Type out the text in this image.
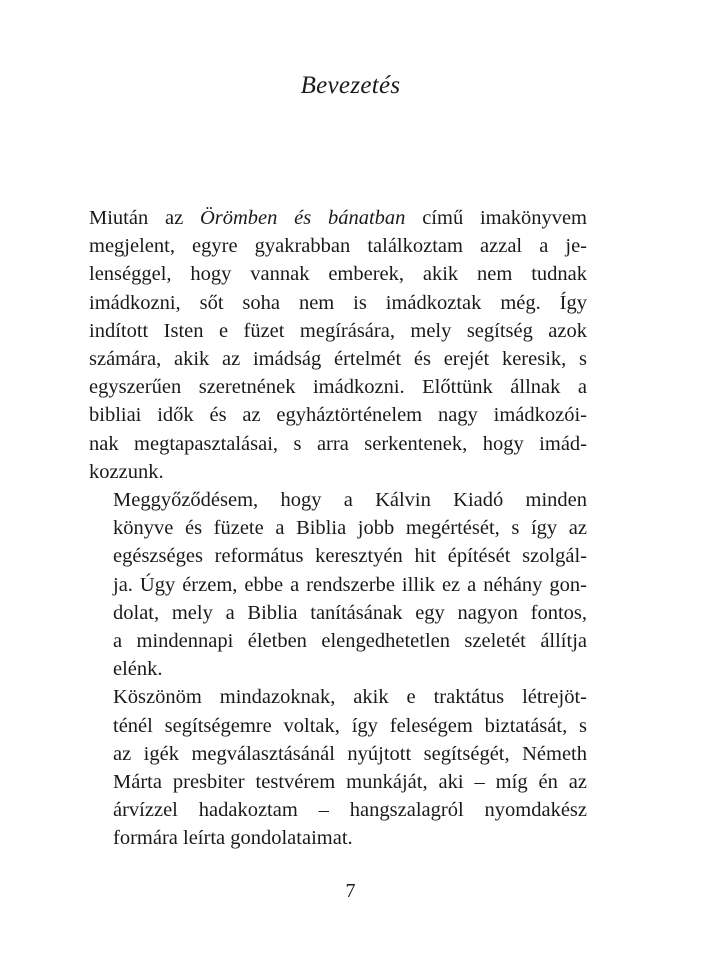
Bevezetés

Miután az Örömben és bánatban című imakönyvem
megjelent, egyre gyakrabban találkoztam azzal a je-
lenséggel, hogy vannak emberek, akik nem tudnak
imádkozni, sőt soha nem is imádkoztak még. Így
indított Isten e füzet megírására, mely segítség azok
számára, akik az imádság értelmét és erejét keresik, s
egyszerűen szeretnének imádkozni. Előttünk állnak a
bibliai idők és az egyháztörténelem nagy imádkozói-
nak megtapasztalásai, s arra serkentenek, hogy imád-
kozzunk.

Meggyőződésem, hogy a Kálvin Kiadó minden
könyve és füzete a Biblia jobb megértését, s így az
egészséges református keresztyén hit építését szolgál-
ja. Úgy érzem, ebbe a rendszerbe illik ez a néhány gon-
dolat, mely a Biblia tanításának egy nagyon fontos,
a mindennapi életben elengedhetetlen szeletét állítja
elénk.

Köszönöm mindazoknak, akik e traktátus létrejöt-
ténél segítségemre voltak, így feleségem biztatását, s
az igék megválasztásánál nyújtott segítségét, Németh
Márta presbiter testvérem munkáját, aki – míg én az
árvízzel hadakoztam – hangszalagról nyomdakész
formára leírta gondolataimat.

7
